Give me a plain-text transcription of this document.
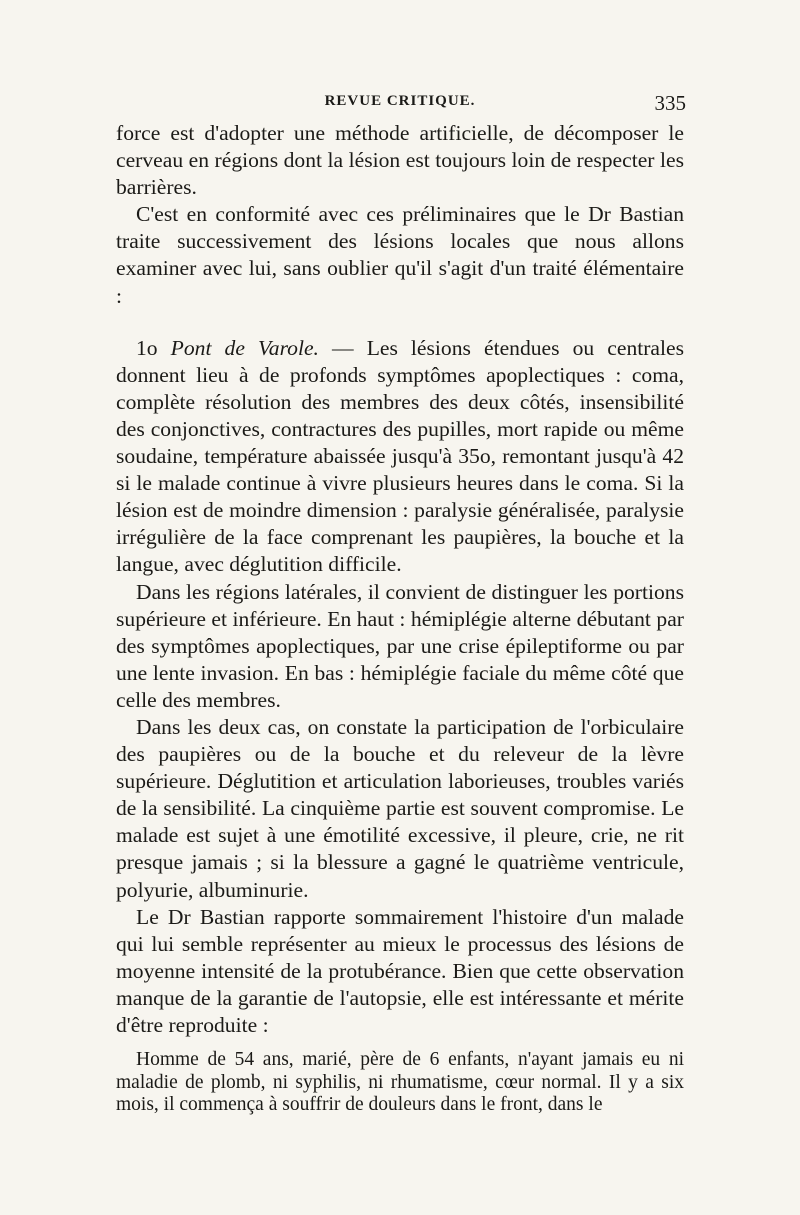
REVUE CRITIQUE.	335

force est d'adopter une méthode artificielle, de décomposer le cerveau en régions dont la lésion est toujours loin de respecter les barrières.

C'est en conformité avec ces préliminaires que le Dr Bastian traite successivement des lésions locales que nous allons examiner avec lui, sans oublier qu'il s'agit d'un traité élémentaire :

1o Pont de Varole. — Les lésions étendues ou centrales donnent lieu à de profonds symptômes apoplectiques : coma, complète résolution des membres des deux côtés, insensibilité des conjonctives, contractures des pupilles, mort rapide ou même soudaine, température abaissée jusqu'à 35o, remontant jusqu'à 42 si le malade continue à vivre plusieurs heures dans le coma. Si la lésion est de moindre dimension : paralysie généralisée, paralysie irrégulière de la face comprenant les paupières, la bouche et la langue, avec déglutition difficile.

Dans les régions latérales, il convient de distinguer les portions supérieure et inférieure. En haut : hémiplégie alterne débutant par des symptômes apoplectiques, par une crise épileptiforme ou par une lente invasion. En bas : hémiplégie faciale du même côté que celle des membres.

Dans les deux cas, on constate la participation de l'orbiculaire des paupières ou de la bouche et du releveur de la lèvre supérieure. Déglutition et articulation laborieuses, troubles variés de la sensibilité. La cinquième partie est souvent compromise. Le malade est sujet à une émotilité excessive, il pleure, crie, ne rit presque jamais ; si la blessure a gagné le quatrième ventricule, polyurie, albuminurie.

Le Dr Bastian rapporte sommairement l'histoire d'un malade qui lui semble représenter au mieux le processus des lésions de moyenne intensité de la protubérance. Bien que cette observation manque de la garantie de l'autopsie, elle est intéressante et mérite d'être reproduite :

Homme de 54 ans, marié, père de 6 enfants, n'ayant jamais eu ni maladie de plomb, ni syphilis, ni rhumatisme, cœur normal. Il y a six mois, il commença à souffrir de douleurs dans le front, dans le
